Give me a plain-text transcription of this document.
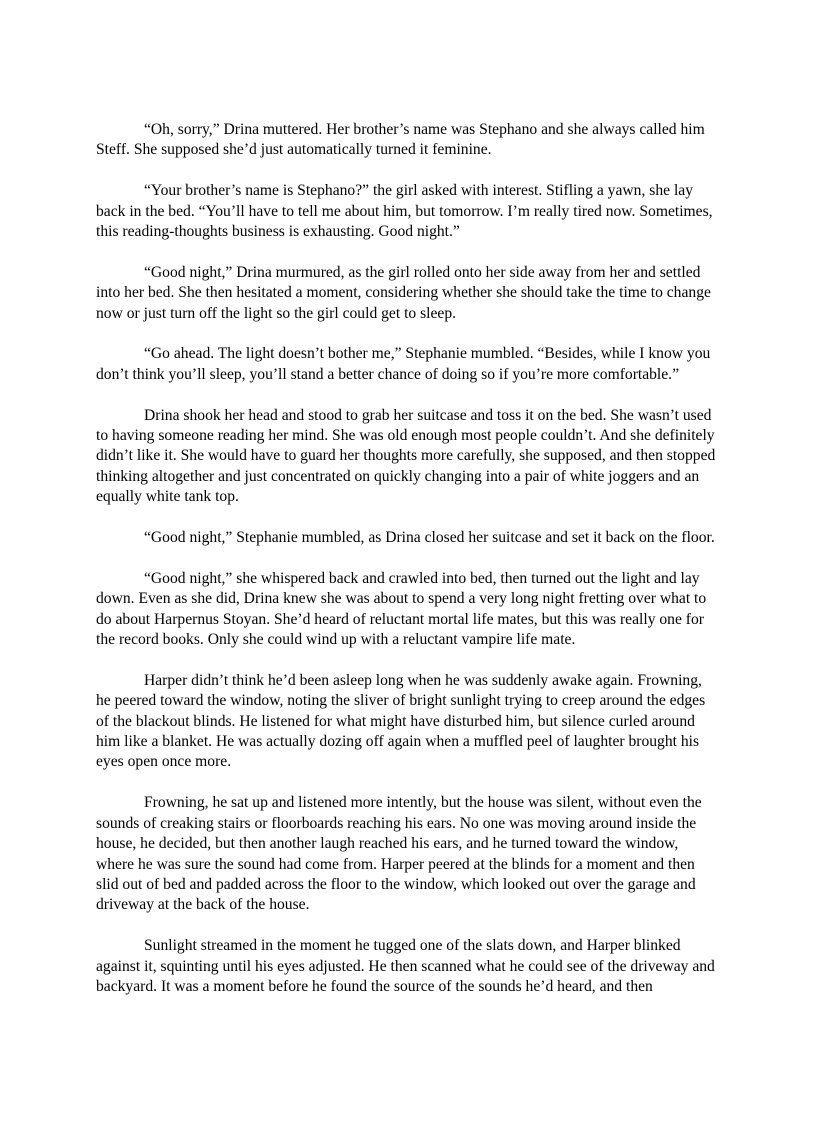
“Oh, sorry,” Drina muttered. Her brother’s name was Stephano and she always called him Steff. She supposed she’d just automatically turned it feminine.

“Your brother’s name is Stephano?” the girl asked with interest. Stifling a yawn, she lay back in the bed. “You’ll have to tell me about him, but tomorrow. I’m really tired now. Sometimes, this reading-thoughts business is exhausting. Good night.”

“Good night,” Drina murmured, as the girl rolled onto her side away from her and settled into her bed. She then hesitated a moment, considering whether she should take the time to change now or just turn off the light so the girl could get to sleep.

“Go ahead. The light doesn’t bother me,” Stephanie mumbled. “Besides, while I know you don’t think you’ll sleep, you’ll stand a better chance of doing so if you’re more comfortable.”

Drina shook her head and stood to grab her suitcase and toss it on the bed. She wasn’t used to having someone reading her mind. She was old enough most people couldn’t. And she definitely didn’t like it. She would have to guard her thoughts more carefully, she supposed, and then stopped thinking altogether and just concentrated on quickly changing into a pair of white joggers and an equally white tank top.

“Good night,” Stephanie mumbled, as Drina closed her suitcase and set it back on the floor.

“Good night,” she whispered back and crawled into bed, then turned out the light and lay down. Even as she did, Drina knew she was about to spend a very long night fretting over what to do about Harpernus Stoyan. She’d heard of reluctant mortal life mates, but this was really one for the record books. Only she could wind up with a reluctant vampire life mate.

Harper didn’t think he’d been asleep long when he was suddenly awake again. Frowning, he peered toward the window, noting the sliver of bright sunlight trying to creep around the edges of the blackout blinds. He listened for what might have disturbed him, but silence curled around him like a blanket. He was actually dozing off again when a muffled peel of laughter brought his eyes open once more.

Frowning, he sat up and listened more intently, but the house was silent, without even the sounds of creaking stairs or floorboards reaching his ears. No one was moving around inside the house, he decided, but then another laugh reached his ears, and he turned toward the window, where he was sure the sound had come from. Harper peered at the blinds for a moment and then slid out of bed and padded across the floor to the window, which looked out over the garage and driveway at the back of the house.

Sunlight streamed in the moment he tugged one of the slats down, and Harper blinked against it, squinting until his eyes adjusted. He then scanned what he could see of the driveway and backyard. It was a moment before he found the source of the sounds he’d heard, and then
